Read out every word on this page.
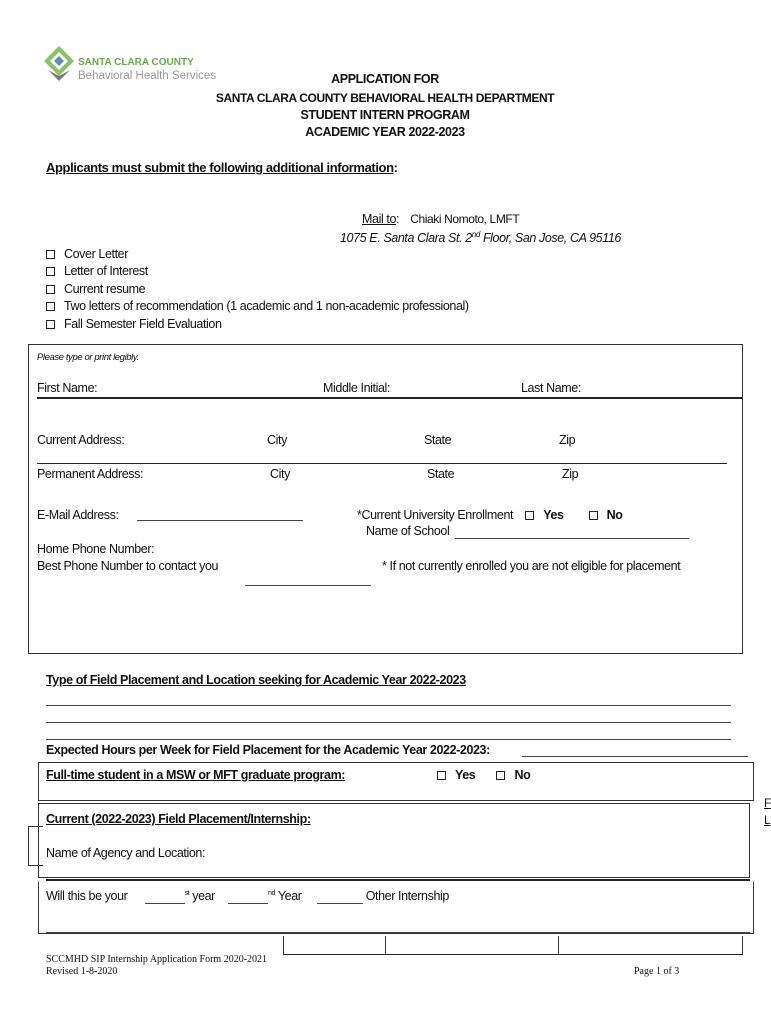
SANTA CLARA COUNTY
Behavioral Health Services	APPLICATION FOR
SANTA CLARA COUNTY BEHAVIORAL HEALTH DEPARTMENT
STUDENT INTERN PROGRAM
ACADEMIC YEAR 2022-2023
Applicants must submit the following additional information:
Mail to: Chiaki Nomoto, LMFT
1075 E. Santa Clara St. 2nd Floor, San Jose, CA 95116
Cover Letter
Letter of Interest
Current resume
Two letters of recommendation (1 academic and 1 non-academic professional)
Fall Semester Field Evaluation
Please type or print legibly.
First Name:	Middle Initial:	Last Name:
Current Address:	City	State	Zip
Permanent Address:	City	State	Zip
E-Mail Address:	*Current University Enrollment Yes	No
Name of School
Home Phone Number:
Best Phone Number to contact you	* If not currently enrolled you are not eligible for placement
Type of Field Placement and Location seeking for Academic Year 2022-2023
Expected Hours per Week for Field Placement for the Academic Year 2022-2023:
Full-time student in a MSW or MFT graduate program:	Yes	No
Current (2022-2023) Field Placement/Internship:
Name of Agency and Location:
Will this be your	$^{st}$ year	$^{nd}$ Year	Other Internship
SCCMHD SIP Internship Application Form 2020-2021
Revised 1-8-2020	Page 1 of 3
F
L
